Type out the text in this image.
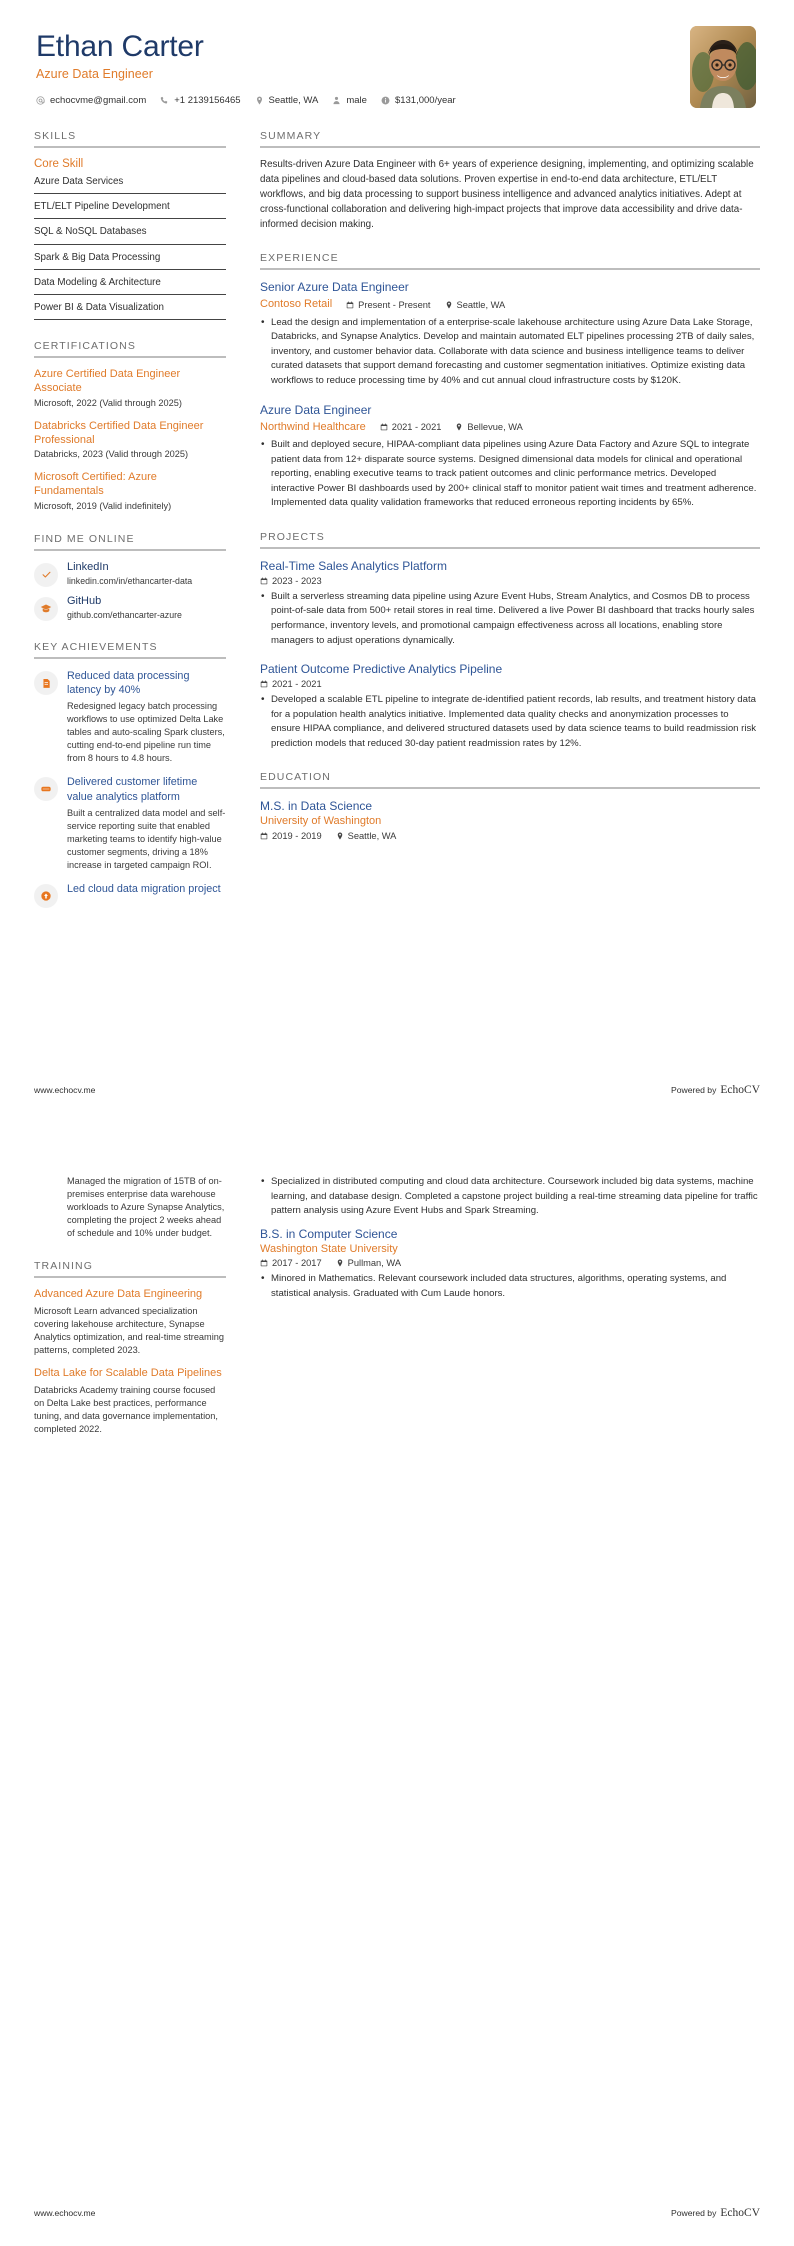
Ethan Carter
Azure Data Engineer
echocvme@gmail.com	+1 2139156465	Seattle, WA	male	$131,000/year
SKILLS
Core Skill
Azure Data Services
ETL/ELT Pipeline Development
SQL & NoSQL Databases
Spark & Big Data Processing
Data Modeling & Architecture
Power BI & Data Visualization
CERTIFICATIONS
Azure Certified Data Engineer Associate
Microsoft, 2022 (Valid through 2025)
Databricks Certified Data Engineer Professional
Databricks, 2023 (Valid through 2025)
Microsoft Certified: Azure Fundamentals
Microsoft, 2019 (Valid indefinitely)
FIND ME ONLINE
LinkedIn
linkedin.com/in/ethancarter-data
GitHub
github.com/ethancarter-azure
KEY ACHIEVEMENTS
Reduced data processing latency by 40%
Redesigned legacy batch processing workflows to use optimized Delta Lake tables and auto-scaling Spark clusters, cutting end-to-end pipeline run time from 8 hours to 4.8 hours.
Delivered customer lifetime value analytics platform
Built a centralized data model and self-service reporting suite that enabled marketing teams to identify high-value customer segments, driving a 18% increase in targeted campaign ROI.
Led cloud data migration project
SUMMARY
Results-driven Azure Data Engineer with 6+ years of experience designing, implementing, and optimizing scalable data pipelines and cloud-based data solutions. Proven expertise in end-to-end data architecture, ETL/ELT workflows, and big data processing to support business intelligence and advanced analytics initiatives. Adept at cross-functional collaboration and delivering high-impact projects that improve data accessibility and drive data-informed decision making.
EXPERIENCE
Senior Azure Data Engineer
Contoso Retail	Present - Present	Seattle, WA
• Lead the design and implementation of a enterprise-scale lakehouse architecture using Azure Data Lake Storage, Databricks, and Synapse Analytics. Develop and maintain automated ELT pipelines processing 2TB of daily sales, inventory, and customer behavior data. Collaborate with data science and business intelligence teams to deliver curated datasets that support demand forecasting and customer segmentation initiatives. Optimize existing data workflows to reduce processing time by 40% and cut annual cloud infrastructure costs by $120K.
Azure Data Engineer
Northwind Healthcare	2021 - 2021	Bellevue, WA
• Built and deployed secure, HIPAA-compliant data pipelines using Azure Data Factory and Azure SQL to integrate patient data from 12+ disparate source systems. Designed dimensional data models for clinical and operational reporting, enabling executive teams to track patient outcomes and clinic performance metrics. Developed interactive Power BI dashboards used by 200+ clinical staff to monitor patient wait times and treatment adherence. Implemented data quality validation frameworks that reduced erroneous reporting incidents by 65%.
PROJECTS
Real-Time Sales Analytics Platform
2023 - 2023
• Built a serverless streaming data pipeline using Azure Event Hubs, Stream Analytics, and Cosmos DB to process point-of-sale data from 500+ retail stores in real time. Delivered a live Power BI dashboard that tracks hourly sales performance, inventory levels, and promotional campaign effectiveness across all locations, enabling store managers to adjust operations dynamically.
Patient Outcome Predictive Analytics Pipeline
2021 - 2021
• Developed a scalable ETL pipeline to integrate de-identified patient records, lab results, and treatment history data for a population health analytics initiative. Implemented data quality checks and anonymization processes to ensure HIPAA compliance, and delivered structured datasets used by data science teams to build readmission risk prediction models that reduced 30-day patient readmission rates by 12%.
EDUCATION
M.S. in Data Science
University of Washington
2019 - 2019	Seattle, WA
www.echocv.me	Powered by EchoCV
Managed the migration of 15TB of on-premises enterprise data warehouse workloads to Azure Synapse Analytics, completing the project 2 weeks ahead of schedule and 10% under budget.
TRAINING
Advanced Azure Data Engineering
Microsoft Learn advanced specialization covering lakehouse architecture, Synapse Analytics optimization, and real-time streaming patterns, completed 2023.
Delta Lake for Scalable Data Pipelines
Databricks Academy training course focused on Delta Lake best practices, performance tuning, and data governance implementation, completed 2022.
• Specialized in distributed computing and cloud data architecture. Coursework included big data systems, machine learning, and database design. Completed a capstone project building a real-time streaming data pipeline for traffic pattern analysis using Azure Event Hubs and Spark Streaming.
B.S. in Computer Science
Washington State University
2017 - 2017	Pullman, WA
• Minored in Mathematics. Relevant coursework included data structures, algorithms, operating systems, and statistical analysis. Graduated with Cum Laude honors.
www.echocv.me	Powered by EchoCV
